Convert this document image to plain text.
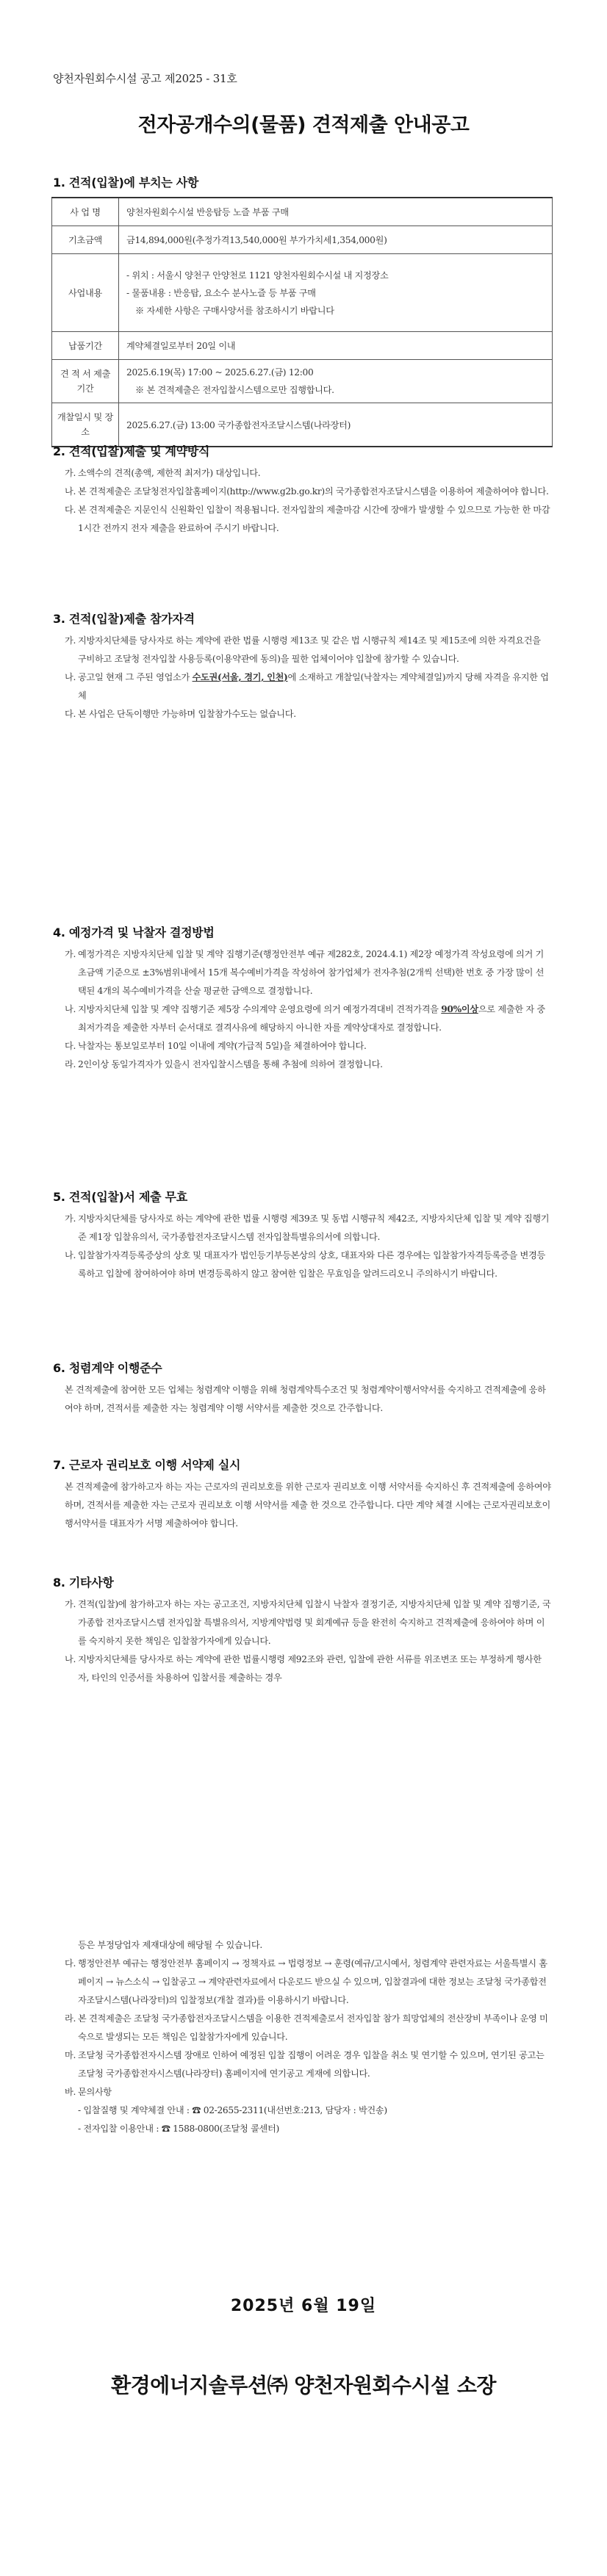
양천자원회수시설 공고 제2025 - 31호
전자공개수의(물품) 견적제출 안내공고
1. 견적(입찰)에 부치는 사항
사 업 명	양천자원회수시설 반응탑등 노즐 부품 구매

기초금액	금14,894,000원(추정가격13,540,000원 부가가치세1,354,000원)

사업내용	- 위치 : 서울시 양천구 안양천로 1121 양천자원회수시설 내 지정장소
- 물품내용 : 반응탑, 요소수 분사노즐 등 부품 구매
※ 자세한 사항은 구매사양서를 참조하시기 바랍니다

납품기간	계약체결일로부터 20일 이내

견 적 서 제출기간	2025.6.19(목) 17:00 ~ 2025.6.27.(금) 12:00
※ 본 견적제출은 전자입찰시스템으로만 집행합니다.

개찰일시 및 장소	2025.6.27.(금) 13:00 국가종합전자조달시스템(나라장터)
2. 견적(입찰)제출 및 계약방식
가. 소액수의 견적(총액, 제한적 최저가) 대상입니다.
나. 본 견적제출은 조달청전자입찰홈페이지(http://www.g2b.go.kr)의 국가종합전자조달시스템을 이용하여 제출하여야 합니다.
다. 본 견적제출은 지문인식 신원확인 입찰이 적용됩니다. 전자입찰의 제출마감 시간에 장애가 발생할 수 있으므로 가능한 한 마감 1시간 전까지 전자 제출을 완료하여 주시기 바랍니다.
3. 견적(입찰)제출 참가자격
가. 지방자치단체를 당사자로 하는 계약에 관한 법률 시행령 제13조 및 같은 법 시행규칙 제14조 및 제15조에 의한 자격요건을 구비하고 조달청 전자입찰 사용등록(이용약관에 동의)을 필한 업체이어야 입찰에 참가할 수 있습니다.
나. 공고일 현재 그 주된 영업소가 수도권(서울, 경기, 인천)에 소재하고 개찰일(낙찰자는 계약체결일)까지 당해 자격을 유지한 업체
다. 본 사업은 단독이행만 가능하며 입찰참가수도는 없습니다.
4. 예정가격 및 낙찰자 결정방법
가. 예정가격은 지방자치단체 입찰 및 계약 집행기준(행정안전부 예규 제282호, 2024.4.1) 제2장 예정가격 작성요령에 의거 기초금액 기준으로 ±3%범위내에서 15개 복수예비가격을 작성하여 참가업체가 전자추첨(2개씩 선택)한 번호 중 가장 많이 선택된 4개의 복수예비가격을 산술 평균한 금액으로 결정합니다.
나. 지방자치단체 입찰 및 계약 집행기준 제5장 수의계약 운영요령에 의거 예정가격대비 견적가격을 90%이상으로 제출한 자 중 최저가격을 제출한 자부터 순서대로 결격사유에 해당하지 아니한 자를 계약상대자로 결정합니다.
다. 낙찰자는 통보일로부터 10일 이내에 계약(가급적 5일)을 체결하여야 합니다.
라. 2인이상 동일가격자가 있을시 전자입찰시스템을 통해 추첨에 의하여 결정합니다.
5. 견적(입찰)서 제출 무효
가. 지방자치단체를 당사자로 하는 계약에 관한 법률 시행령 제39조 및 동법 시행규칙 제42조, 지방자치단체 입찰 및 계약 집행기준 제1장 입찰유의서, 국가종합전자조달시스템 전자입찰특별유의서에 의합니다.
나. 입찰참가자격등록증상의 상호 및 대표자가 법인등기부등본상의 상호, 대표자와 다른 경우에는 입찰참가자격등록증을 변경등록하고 입찰에 참여하여야 하며 변경등록하지 않고 참여한 입찰은 무효임을 알려드리오니 주의하시기 바랍니다.
6. 청렴계약 이행준수
본 견적제출에 참여한 모든 업체는 청렴계약 이행을 위해 청렴계약특수조건 및 청렴계약이행서약서를 숙지하고 견적제출에 응하여야 하며, 견적서를 제출한 자는 청렴계약 이행 서약서를 제출한 것으로 간주합니다.
7. 근로자 권리보호 이행 서약제 실시
본 견적제출에 참가하고자 하는 자는 근로자의 권리보호를 위한 근로자 권리보호 이행 서약서를 숙지하신 후 견적제출에 응하여야 하며, 견적서를 제출한 자는 근로자 권리보호 이행 서약서를 제출 한 것으로 간주합니다. 다만 계약 체결 시에는 근로자권리보호이행서약서를 대표자가 서명 제출하여야 합니다.
8. 기타사항
가. 견적(입찰)에 참가하고자 하는 자는 공고조건, 지방자치단체 입찰시 낙찰자 결정기준, 지방자치단체 입찰 및 계약 집행기준, 국가종합 전자조달시스템 전자입찰 특별유의서, 지방계약법령 및 회계예규 등을 완전히 숙지하고 견적제출에 응하여야 하며 이를 숙지하지 못한 책임은 입찰참가자에게 있습니다.
나. 지방자치단체를 당사자로 하는 계약에 관한 법률시행령 제92조와 관련, 입찰에 관한 서류를 위조변조 또는 부정하게 행사한 자, 타인의 인증서를 차용하여 입찰서를 제출하는 경우
등은 부정당업자 제재대상에 해당될 수 있습니다.
다. 행정안전부 예규는 행정안전부 홈페이지 → 정책자료 → 법령정보 → 훈령(예규/고시예서, 청렴계약 관련자료는 서울특별시 홈페이지 → 뉴스소식 → 입찰공고 → 계약관련자료에서 다운로드 받으실 수 있으며, 입찰결과에 대한 정보는 조달청 국가종합전자조달시스템(나라장터)의 입찰정보(개찰 결과)를 이용하시기 바랍니다.
라. 본 견적제출은 조달청 국가종합전자조달시스템을 이용한 견적제출로서 전자입찰 참가 희망업체의 전산장비 부족이나 운영 미숙으로 발생되는 모든 책임은 입찰참가자에게 있습니다.
마. 조달청 국가종합전자시스템 장애로 인하여 예정된 입찰 집행이 어려운 경우 입찰을 취소 및 연기할 수 있으며, 연기된 공고는 조달청 국가종합전자시스템(나라장터) 홈페이지에 연기공고 게재에 의합니다.
바. 문의사항
- 입찰질행 및 계약체결 안내 : ☎ 02-2655-2311(내선번호:213, 담당자 : 박건송)
- 전자입찰 이용안내 : ☎ 1588-0800(조달청 콜센터)
2025년 6월 19일
환경에너지솔루션㈜ 양천자원회수시설 소장
